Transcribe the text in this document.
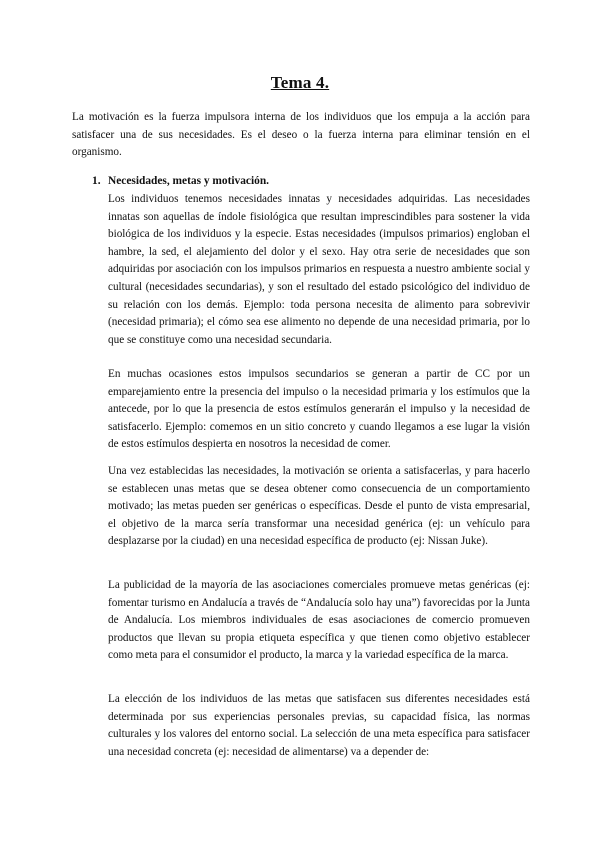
Tema 4.

La motivación es la fuerza impulsora interna de los individuos que los empuja a la acción para satisfacer una de sus necesidades. Es el deseo o la fuerza interna para eliminar tensión en el organismo.

1. Necesidades, metas y motivación.

Los individuos tenemos necesidades innatas y necesidades adquiridas. Las necesidades innatas son aquellas de índole fisiológica que resultan imprescindibles para sostener la vida biológica de los individuos y la especie. Estas necesidades (impulsos primarios) engloban el hambre, la sed, el alejamiento del dolor y el sexo. Hay otra serie de necesidades que son adquiridas por asociación con los impulsos primarios en respuesta a nuestro ambiente social y cultural (necesidades secundarias), y son el resultado del estado psicológico del individuo de su relación con los demás. Ejemplo: toda persona necesita de alimento para sobrevivir (necesidad primaria); el cómo sea ese alimento no depende de una necesidad primaria, por lo que se constituye como una necesidad secundaria.

En muchas ocasiones estos impulsos secundarios se generan a partir de CC por un emparejamiento entre la presencia del impulso o la necesidad primaria y los estímulos que la antecede, por lo que la presencia de estos estímulos generarán el impulso y la necesidad de satisfacerlo. Ejemplo: comemos en un sitio concreto y cuando llegamos a ese lugar la visión de estos estímulos despierta en nosotros la necesidad de comer.

Una vez establecidas las necesidades, la motivación se orienta a satisfacerlas, y para hacerlo se establecen unas metas que se desea obtener como consecuencia de un comportamiento motivado; las metas pueden ser genéricas o específicas. Desde el punto de vista empresarial, el objetivo de la marca sería transformar una necesidad genérica (ej: un vehículo para desplazarse por la ciudad) en una necesidad específica de producto (ej: Nissan Juke).

La publicidad de la mayoría de las asociaciones comerciales promueve metas genéricas (ej: fomentar turismo en Andalucía a través de “Andalucía solo hay una”) favorecidas por la Junta de Andalucía. Los miembros individuales de esas asociaciones de comercio promueven productos que llevan su propia etiqueta específica y que tienen como objetivo establecer como meta para el consumidor el producto, la marca y la variedad específica de la marca.

La elección de los individuos de las metas que satisfacen sus diferentes necesidades está determinada por sus experiencias personales previas, su capacidad física, las normas culturales y los valores del entorno social. La selección de una meta específica para satisfacer una necesidad concreta (ej: necesidad de alimentarse) va a depender de:
